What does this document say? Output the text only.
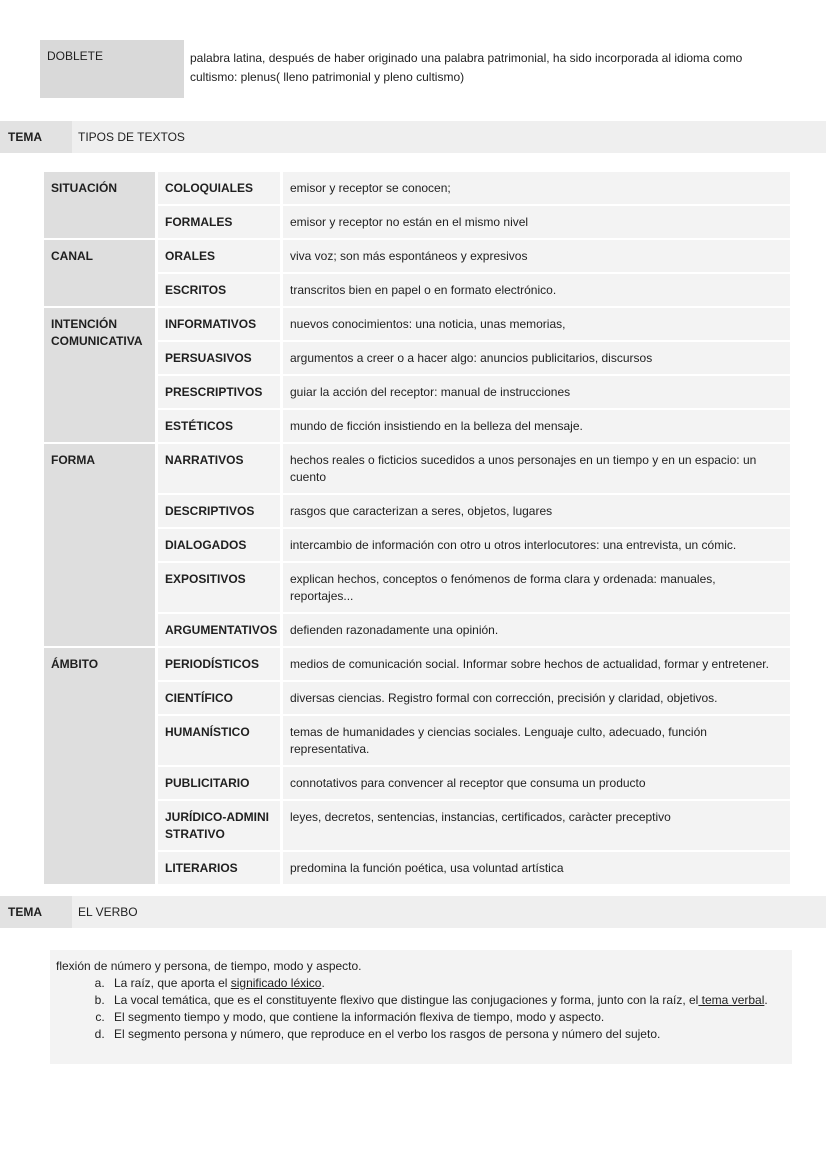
DOBLETE	palabra latina, después de haber originado una palabra patrimonial, ha sido incorporada al idioma como cultismo: plenus( lleno patrimonial y pleno cultismo)
TEMA	TIPOS DE TEXTOS
SITUACIÓN	COLOQUIALES	emisor y receptor se conocen;
	FORMALES	emisor y receptor no están en el mismo nivel
CANAL	ORALES	viva voz; son más espontáneos y expresivos
	ESCRITOS	transcritos bien en papel o en formato electrónico.
INTENCIÓN COMUNICATIVA	INFORMATIVOS	nuevos conocimientos: una noticia, unas memorias,
	PERSUASIVOS	argumentos a creer o a hacer algo: anuncios publicitarios, discursos
	PRESCRIPTIVOS	guiar la acción del receptor: manual de instrucciones
	ESTÉTICOS	mundo de ficción insistiendo en la belleza del mensaje.
FORMA	NARRATIVOS	hechos reales o ficticios sucedidos a unos personajes en un tiempo y en un espacio: un cuento
	DESCRIPTIVOS	rasgos que caracterizan a seres, objetos, lugares
	DIALOGADOS	intercambio de información con otro u otros interlocutores: una entrevista, un cómic.
	EXPOSITIVOS	explican hechos, conceptos o fenómenos de forma clara y ordenada: manuales, reportajes...
	ARGUMENTATIVOS	defienden razonadamente una opinión.
ÁMBITO	PERIODÍSTICOS	medios de comunicación social. Informar sobre hechos de actualidad, formar y entretener.
	CIENTÍFICO	diversas ciencias. Registro formal con corrección, precisión y claridad, objetivos.
	HUMANÍSTICO	temas de humanidades y ciencias sociales. Lenguaje culto, adecuado, función representativa.
	PUBLICITARIO	connotativos para convencer al receptor que consuma un producto
	JURÍDICO-ADMINI STRATIVO	leyes, decretos, sentencias, instancias, certificados, caràcter preceptivo
	LITERARIOS	predomina la función poética, usa voluntad artística
TEMA	EL VERBO
flexión de número y persona, de tiempo, modo y aspecto.
a. La raíz, que aporta el significado léxico.
b. La vocal temática, que es el constituyente flexivo que distingue las conjugaciones y forma, junto con la raíz, el tema verbal.
c. El segmento tiempo y modo, que contiene la información flexiva de tiempo, modo y aspecto.
d. El segmento persona y número, que reproduce en el verbo los rasgos de persona y número del sujeto.
